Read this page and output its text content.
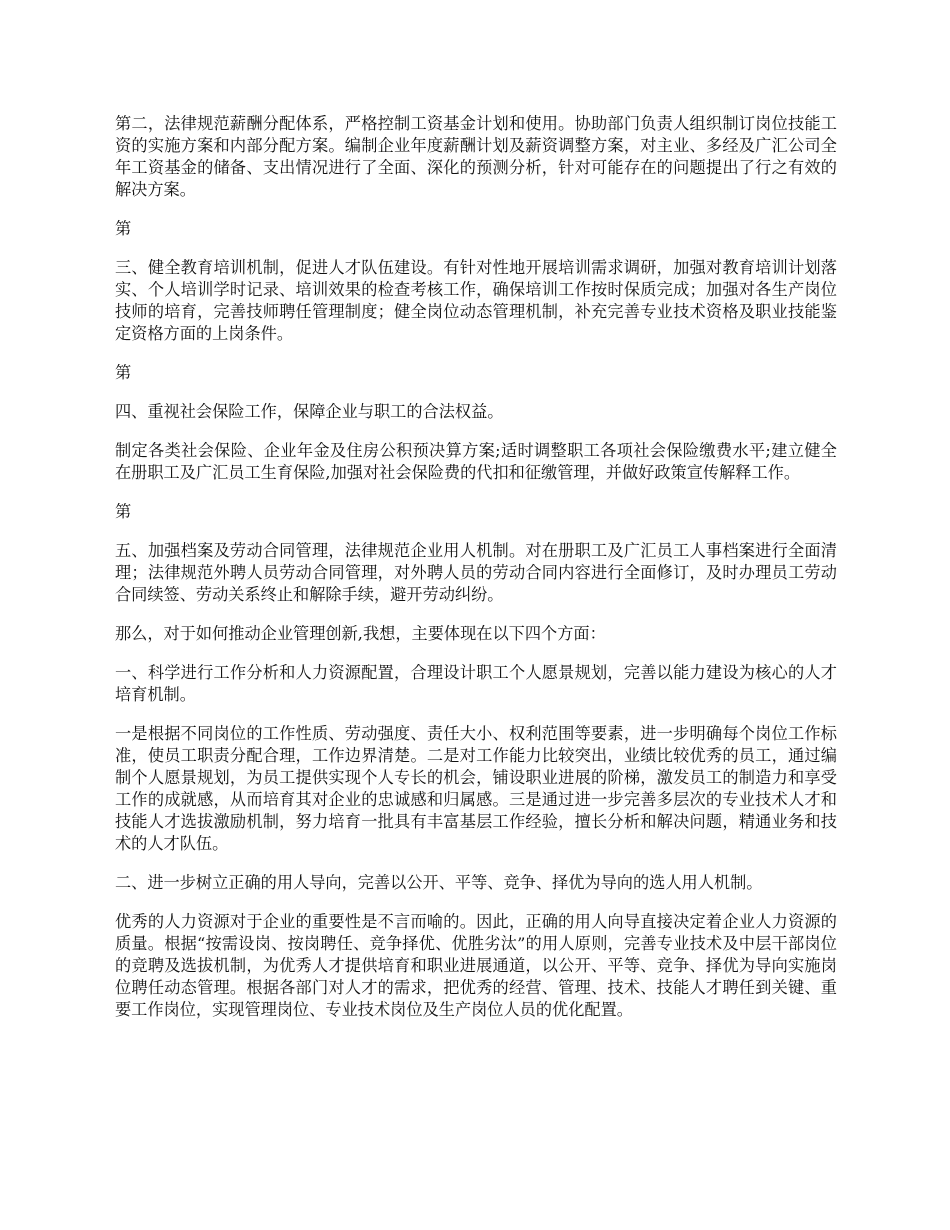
第二，法律规范薪酬分配体系，严格控制工资基金计划和使用。协助部门负责人组织制订岗位技能工资的实施方案和内部分配方案。编制企业年度薪酬计划及薪资调整方案，对主业、多经及广汇公司全年工资基金的储备、支出情况进行了全面、深化的预测分析，针对可能存在的问题提出了行之有效的解决方案。

第

三、健全教育培训机制，促进人才队伍建设。有针对性地开展培训需求调研，加强对教育培训计划落实、个人培训学时记录、培训效果的检查考核工作，确保培训工作按时保质完成；加强对各生产岗位技师的培育，完善技师聘任管理制度；健全岗位动态管理机制，补充完善专业技术资格及职业技能鉴定资格方面的上岗条件。

第

四、重视社会保险工作，保障企业与职工的合法权益。

制定各类社会保险、企业年金及住房公积预决算方案;适时调整职工各项社会保险缴费水平;建立健全在册职工及广汇员工生育保险,加强对社会保险费的代扣和征缴管理，并做好政策宣传解释工作。

第

五、加强档案及劳动合同管理，法律规范企业用人机制。对在册职工及广汇员工人事档案进行全面清理；法律规范外聘人员劳动合同管理，对外聘人员的劳动合同内容进行全面修订，及时办理员工劳动合同续签、劳动关系终止和解除手续，避开劳动纠纷。

那么，对于如何推动企业管理创新,我想，主要体现在以下四个方面：

一、科学进行工作分析和人力资源配置，合理设计职工个人愿景规划，完善以能力建设为核心的人才培育机制。

一是根据不同岗位的工作性质、劳动强度、责任大小、权利范围等要素，进一步明确每个岗位工作标准，使员工职责分配合理，工作边界清楚。二是对工作能力比较突出，业绩比较优秀的员工，通过编制个人愿景规划，为员工提供实现个人专长的机会，铺设职业进展的阶梯，激发员工的制造力和享受工作的成就感，从而培育其对企业的忠诚感和归属感。三是通过进一步完善多层次的专业技术人才和技能人才选拔激励机制，努力培育一批具有丰富基层工作经验，擅长分析和解决问题，精通业务和技术的人才队伍。

二、进一步树立正确的用人导向，完善以公开、平等、竞争、择优为导向的选人用人机制。

优秀的人力资源对于企业的重要性是不言而喻的。因此，正确的用人向导直接决定着企业人力资源的质量。根据“按需设岗、按岗聘任、竞争择优、优胜劣汰”的用人原则，完善专业技术及中层干部岗位的竞聘及选拔机制，为优秀人才提供培育和职业进展通道，以公开、平等、竞争、择优为导向实施岗位聘任动态管理。根据各部门对人才的需求，把优秀的经营、管理、技术、技能人才聘任到关键、重要工作岗位，实现管理岗位、专业技术岗位及生产岗位人员的优化配置。
